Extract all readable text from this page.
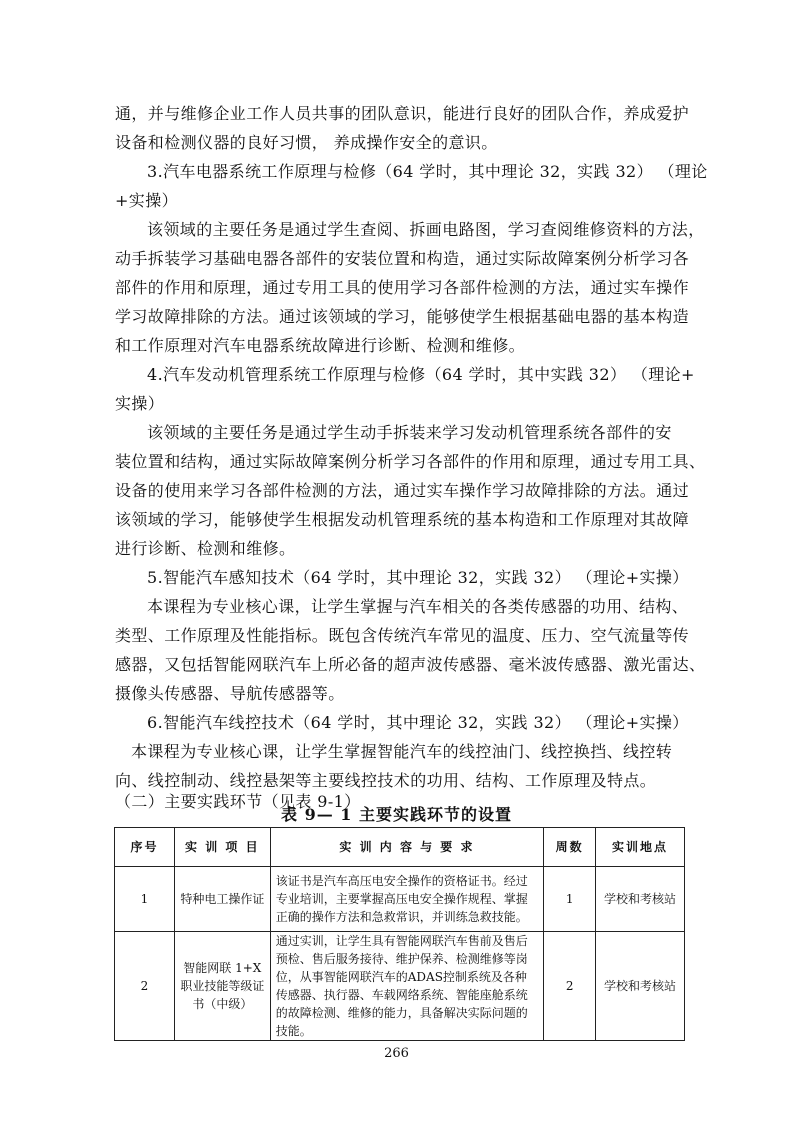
通，并与维修企业工作人员共事的团队意识，能进行良好的团队合作，养成爱护
设备和检测仪器的良好习惯， 养成操作安全的意识。
3.汽车电器系统工作原理与检修（64 学时，其中理论 32，实践 32） （理论
+实操）
该领域的主要任务是通过学生查阅、拆画电路图，学习查阅维修资料的方法，
动手拆装学习基础电器各部件的安装位置和构造，通过实际故障案例分析学习各
部件的作用和原理，通过专用工具的使用学习各部件检测的方法，通过实车操作
学习故障排除的方法。通过该领域的学习，能够使学生根据基础电器的基本构造
和工作原理对汽车电器系统故障进行诊断、检测和维修。
4.汽车发动机管理系统工作原理与检修（64 学时，其中实践 32） （理论+
实操）
该领域的主要任务是通过学生动手拆装来学习发动机管理系统各部件的安
装位置和结构，通过实际故障案例分析学习各部件的作用和原理，通过专用工具、
设备的使用来学习各部件检测的方法，通过实车操作学习故障排除的方法。通过
该领域的学习，能够使学生根据发动机管理系统的基本构造和工作原理对其故障
进行诊断、检测和维修。
5.智能汽车感知技术（64 学时，其中理论 32，实践 32） （理论+实操）
本课程为专业核心课，让学生掌握与汽车相关的各类传感器的功用、结构、
类型、工作原理及性能指标。既包含传统汽车常见的温度、压力、空气流量等传
感器，又包括智能网联汽车上所必备的超声波传感器、毫米波传感器、激光雷达、
摄像头传感器、导航传感器等。
6.智能汽车线控技术（64 学时，其中理论 32，实践 32） （理论+实操）
本课程为专业核心课，让学生掌握智能汽车的线控油门、线控换挡、线控转
向、线控制动、线控悬架等主要线控技术的功用、结构、工作原理及特点。
（二）主要实践环节（见表 9-1）
表 9— 1 主要实践环节的设置
序号	实 训 项 目	实 训 内 容 与 要 求	周数	实训地点
1	特种电工操作证	该证书是汽车高压电安全操作的资格证书。经过专业培训，主要掌握高压电安全操作规程、掌握正确的操作方法和急救常识，并训练急救技能。	1	学校和考核站
2	智能网联 1+X 职业技能等级证书（中级）	通过实训，让学生具有智能网联汽车售前及售后预检、售后服务接待、维护保养、检测维修等岗位，从事智能网联汽车的ADAS控制系统及各种传感器、执行器、车载网络系统、智能座舱系统的故障检测、维修的能力，具备解决实际问题的技能。	2	学校和考核站
266
